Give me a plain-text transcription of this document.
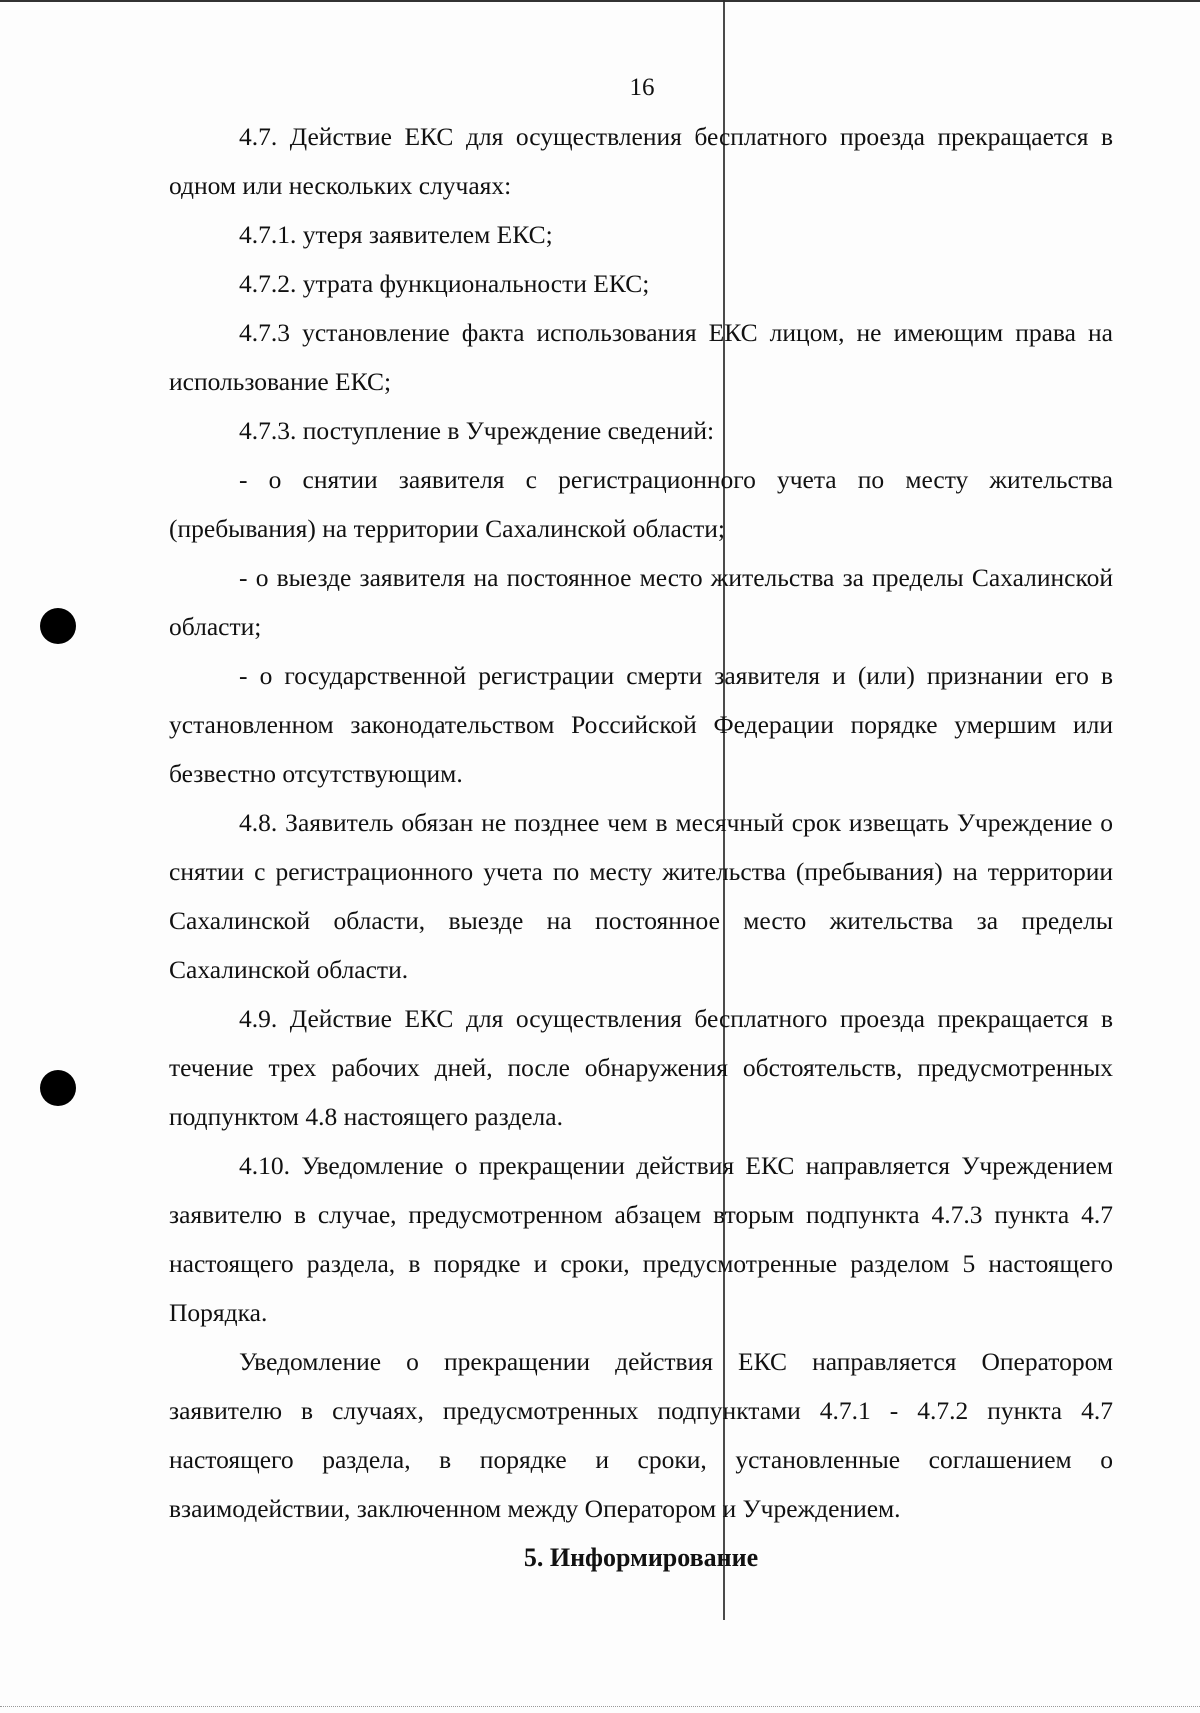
16

4.7. Действие ЕКС для осуществления бесплатного проезда прекращается в одном или нескольких случаях:

4.7.1. утеря заявителем ЕКС;

4.7.2. утрата функциональности ЕКС;

4.7.3 установление факта использования ЕКС лицом, не имеющим права на использование ЕКС;

4.7.3. поступление в Учреждение сведений:

- о снятии заявителя с регистрационного учета по месту жительства (пребывания) на территории Сахалинской области;

- о выезде заявителя на постоянное место жительства за пределы Сахалинской области;

- о государственной регистрации смерти заявителя и (или) признании его в установленном законодательством Российской Федерации порядке умершим или безвестно отсутствующим.

4.8. Заявитель обязан не позднее чем в месячный срок извещать Учреждение о снятии с регистрационного учета по месту жительства (пребывания) на территории Сахалинской области, выезде на постоянное место жительства за пределы Сахалинской области.

4.9. Действие ЕКС для осуществления бесплатного проезда прекращается в течение трех рабочих дней, после обнаружения обстоятельств, предусмотренных подпунктом 4.8 настоящего раздела.

4.10. Уведомление о прекращении действия ЕКС направляется Учреждением заявителю в случае, предусмотренном абзацем вторым подпункта 4.7.3 пункта 4.7 настоящего раздела, в порядке и сроки, предусмотренные разделом 5 настоящего Порядка.

Уведомление о прекращении действия ЕКС направляется Оператором заявителю в случаях, предусмотренных подпунктами 4.7.1 - 4.7.2 пункта 4.7 настоящего раздела, в порядке и сроки, установленные соглашением о взаимодействии, заключенном между Оператором и Учреждением.

5. Информирование
